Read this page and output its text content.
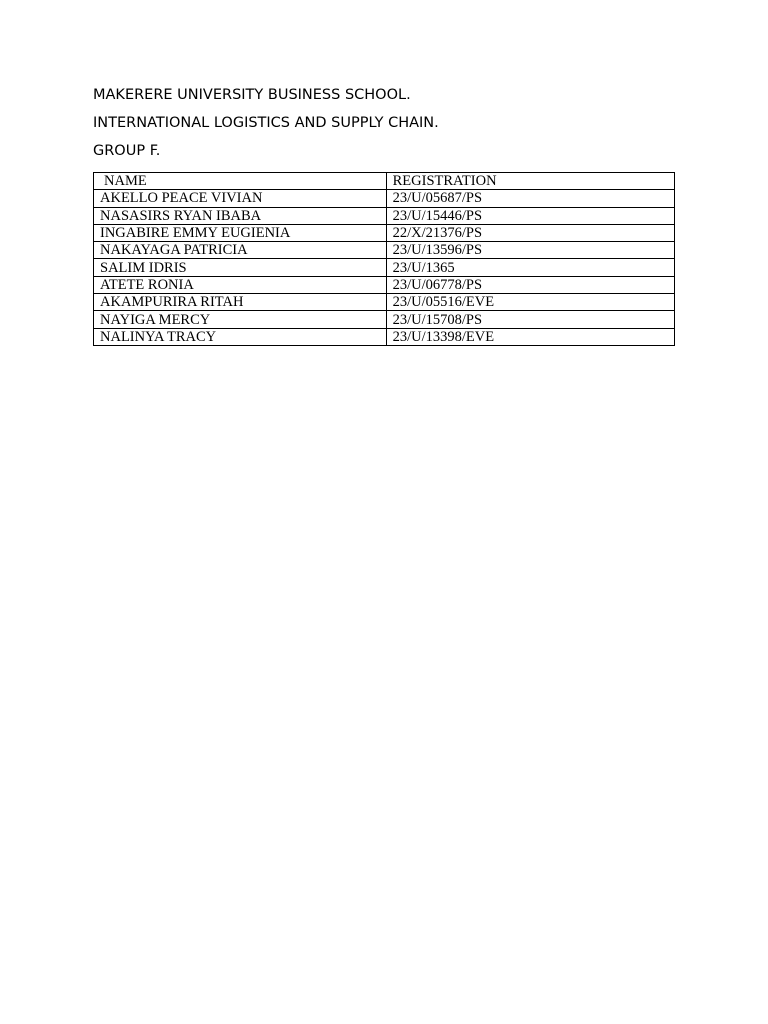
MAKERERE UNIVERSITY BUSINESS SCHOOL.
INTERNATIONAL LOGISTICS AND SUPPLY CHAIN.
GROUP F.
NAME	REGISTRATION
AKELLO PEACE VIVIAN	23/U/05687/PS
NASASIRS RYAN IBABA	23/U/15446/PS
INGABIRE EMMY EUGIENIA	22/X/21376/PS
NAKAYAGA PATRICIA	23/U/13596/PS
SALIM IDRIS	23/U/1365
ATETE RONIA	23/U/06778/PS
AKAMPURIRA RITAH	23/U/05516/EVE
NAYIGA MERCY	23/U/15708/PS
NALINYA TRACY	23/U/13398/EVE
